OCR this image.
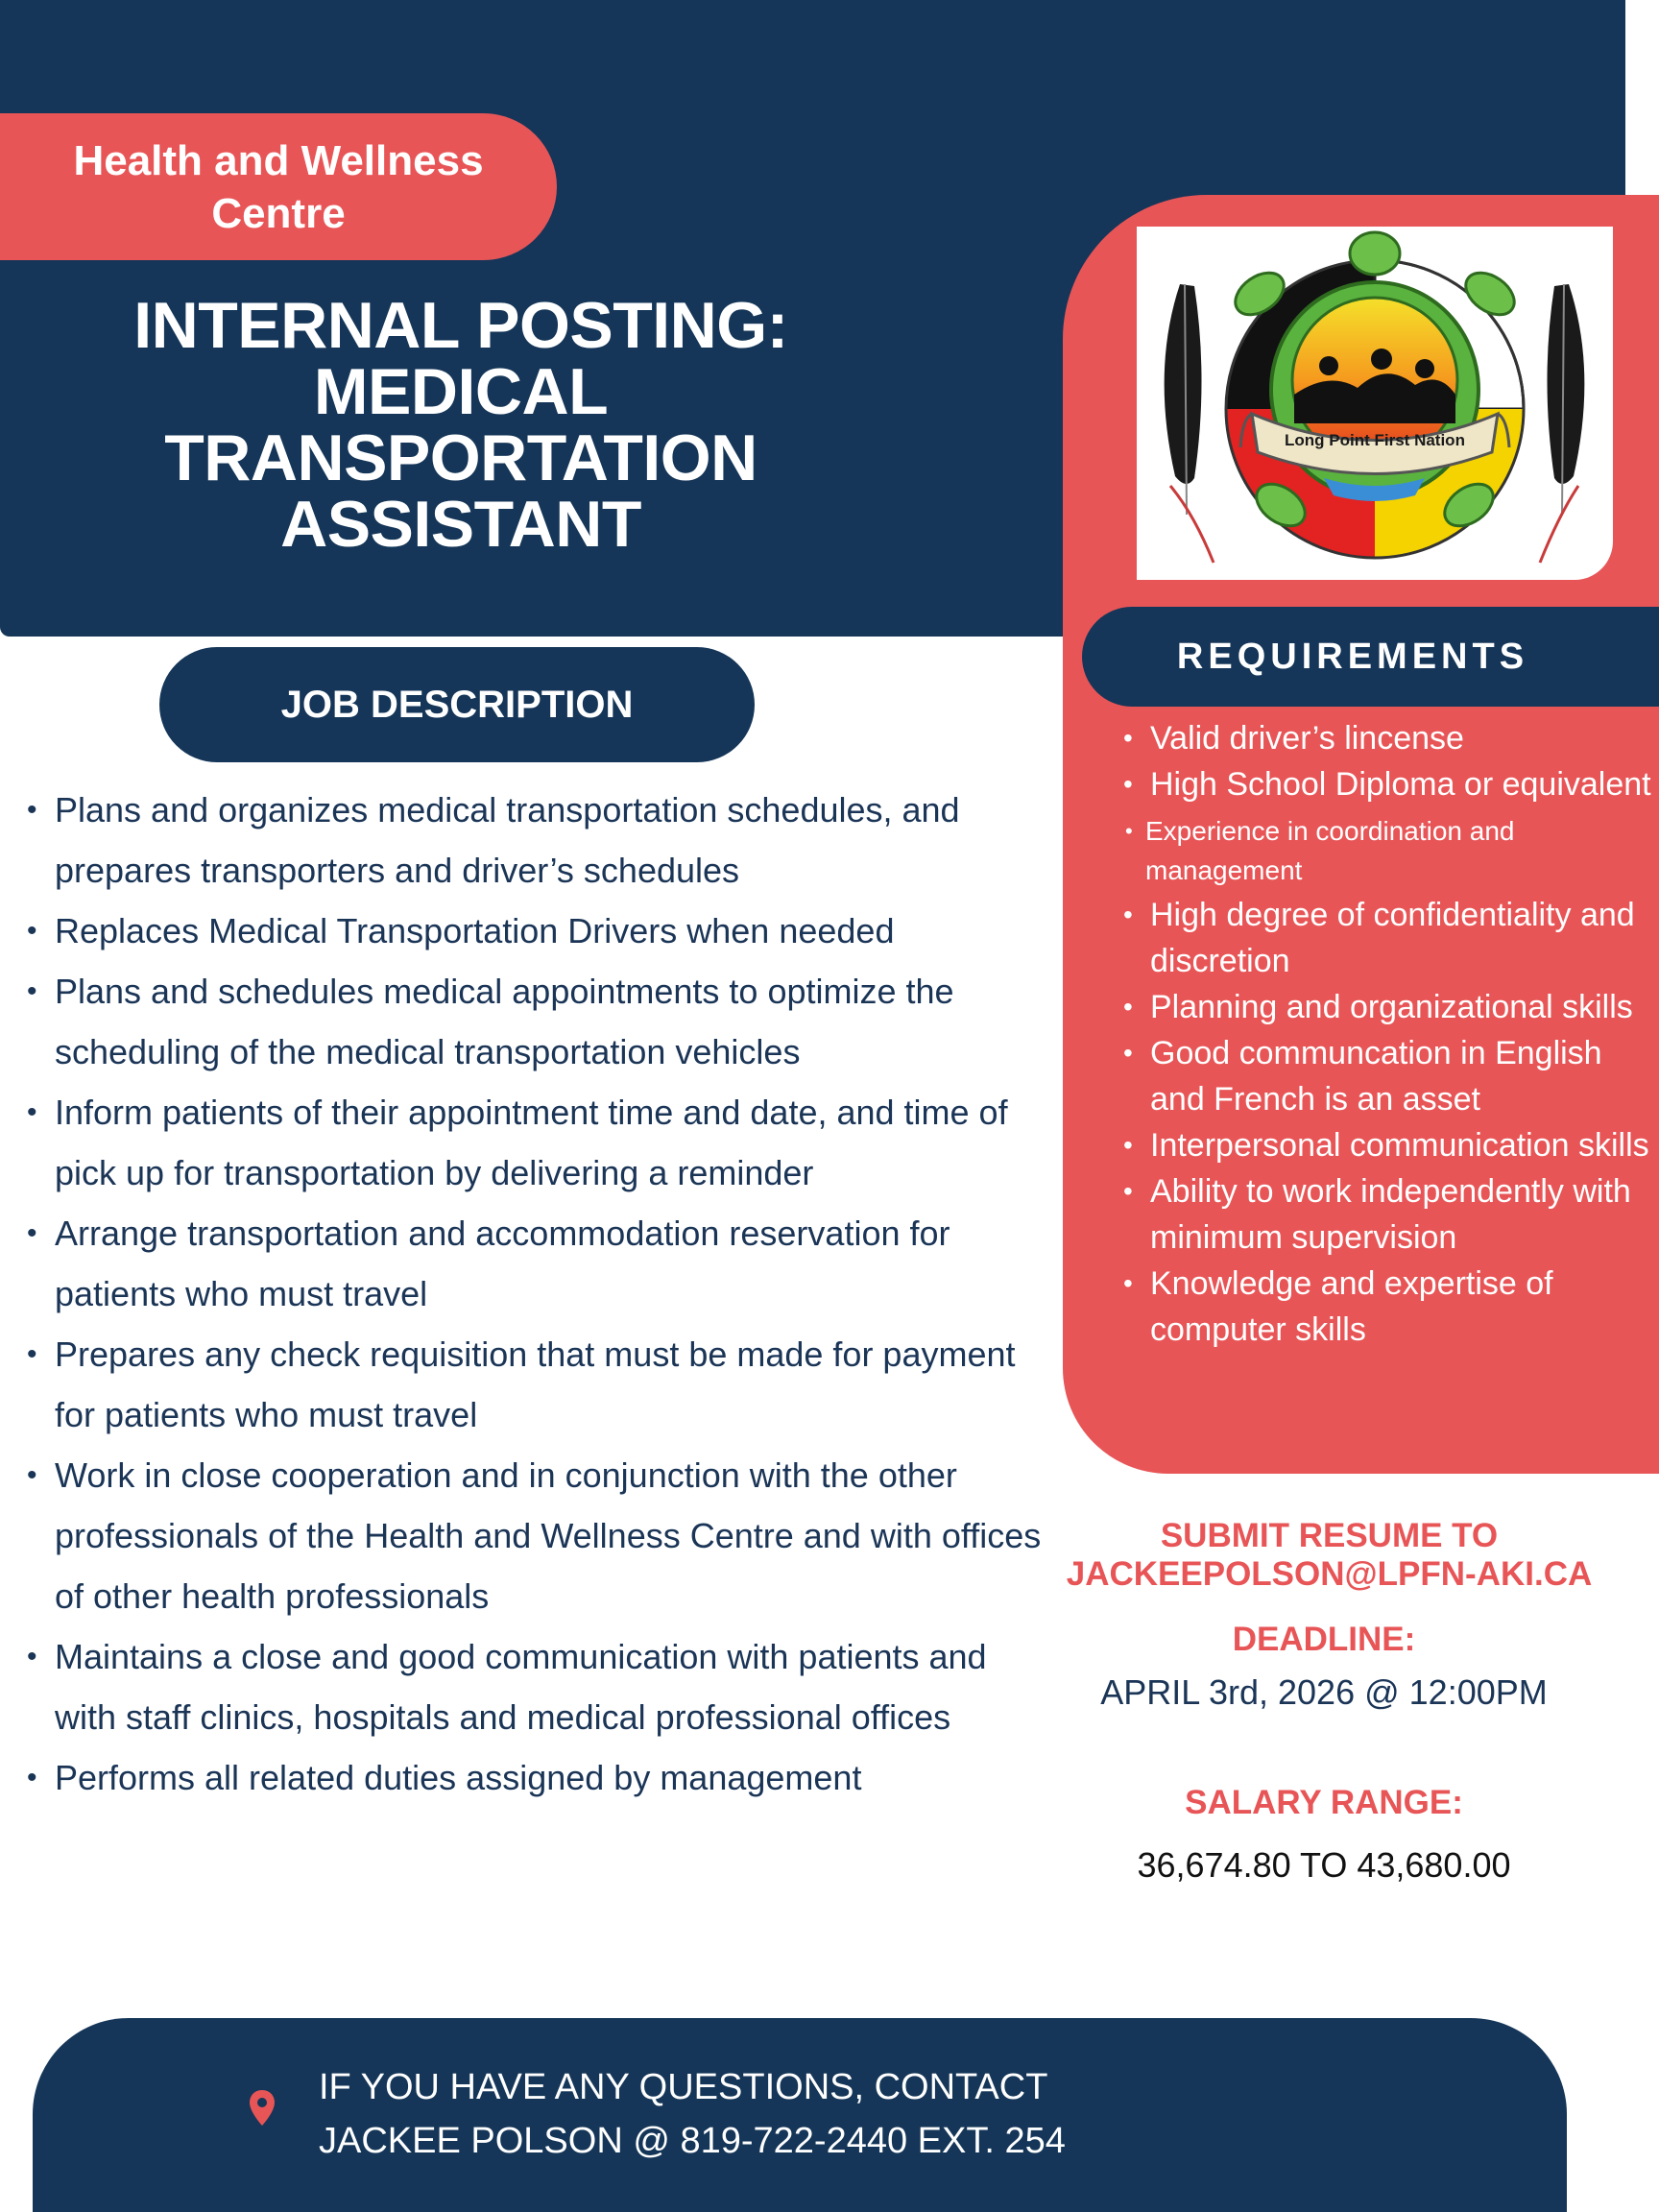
Health and Wellness
Centre
INTERNAL POSTING:
MEDICAL
TRANSPORTATION
ASSISTANT
Long Point First Nation
REQUIREMENTS
• Valid driver’s lincense
• High School Diploma or equivalent
• Experience in coordination and management
• High degree of confidentiality and discretion
• Planning and organizational skills
• Good communcation in English and French is an asset
• Interpersonal communication skills
• Ability to work independently with minimum supervision
• Knowledge and expertise of computer skills
JOB DESCRIPTION
• Plans and organizes medical transportation schedules, and prepares transporters and driver’s schedules
• Replaces Medical Transportation Drivers when needed
• Plans and schedules medical appointments to optimize the scheduling of the medical transportation vehicles
• Inform patients of their appointment time and date, and time of pick up for transportation by delivering a reminder
• Arrange transportation and accommodation reservation for patients who must travel
• Prepares any check requisition that must be made for payment for patients who must travel
• Work in close cooperation and in conjunction with the other professionals of the Health and Wellness Centre and with offices of other health professionals
• Maintains a close and good communication with patients and with staff clinics, hospitals and medical professional offices
• Performs all related duties assigned by management
SUBMIT RESUME TO
JACKEEPOLSON@LPFN-AKI.CA
DEADLINE:
APRIL 3rd, 2026 @ 12:00PM
SALARY RANGE:
36,674.80 TO 43,680.00
IF YOU HAVE ANY QUESTIONS, CONTACT
JACKEE POLSON @ 819-722-2440 EXT. 254
